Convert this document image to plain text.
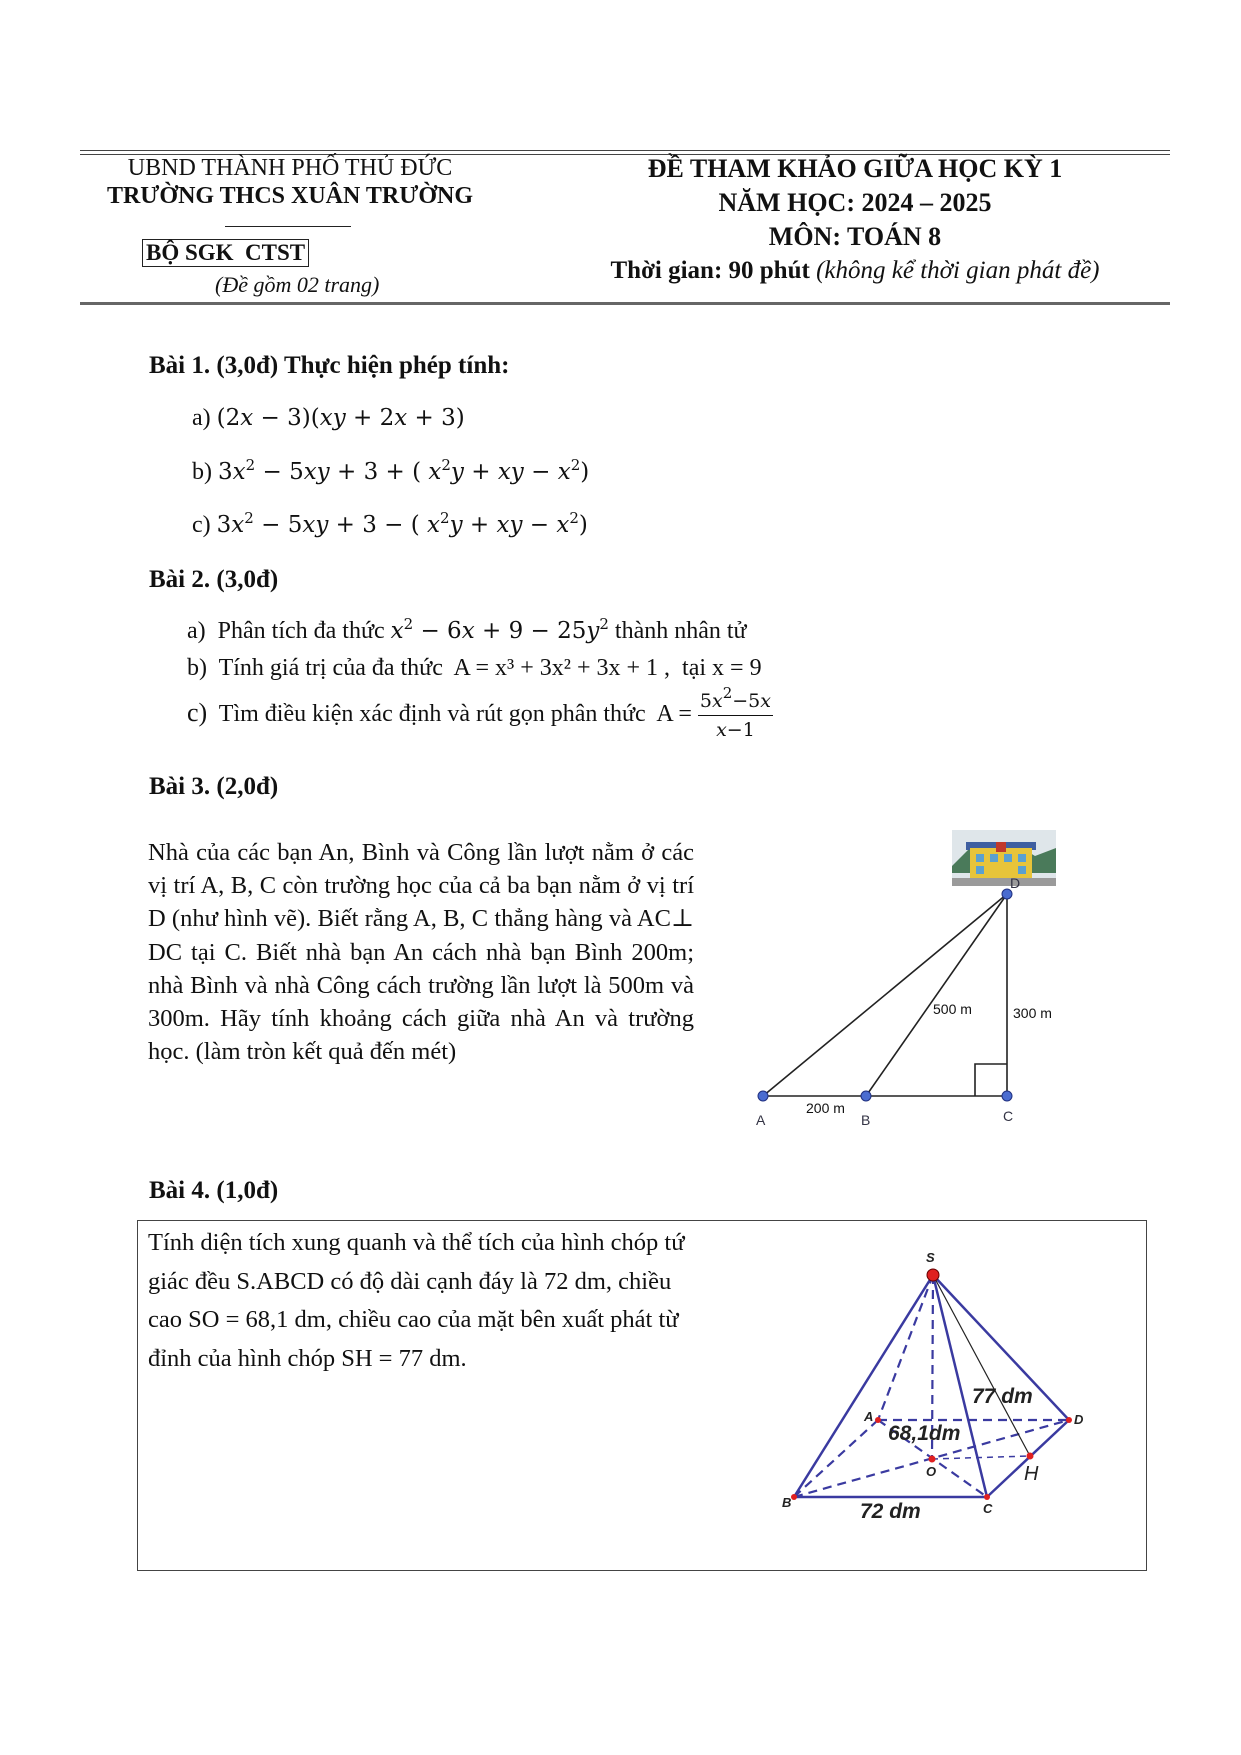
UBND THÀNH PHỐ THỦ ĐỨC
TRƯỜNG THCS XUÂN TRƯỜNG
BỘ SGK  CTST
(Đề gồm 02 trang)
ĐỀ THAM KHẢO GIỮA HỌC KỲ 1
NĂM HỌC: 2024 – 2025
MÔN: TOÁN 8
Thời gian: 90 phút (không kể thời gian phát đề)
Bài 1. (3,0đ) Thực hiện phép tính:
a) (2x − 3)(xy + 2x + 3)
b) $3x^2 - 5xy + 3$ + ( $x^2y$ + xy − $x^2$)
c) $3x^2 - 5xy + 3$ − ( $x^2y$ + xy − $x^2$)
Bài 2. (3,0đ)
a) Phân tích đa thức $x^2 - 6x + 9 - 25y^2$ thành nhân tử
b) Tính giá trị của đa thức  A = x³ + 3x² + 3x + 1 ,  tại x = 9
c) Tìm điều kiện xác định và rút gọn phân thức  $A = \frac{5x^2-5x}{x-1}$
Bài 3. (2,0đ)
Nhà của các bạn An, Bình và Công lần lượt nằm ở các vị trí A, B, C còn trường học của cả ba bạn nằm ở vị trí D (như hình vẽ). Biết rằng A, B, C thẳng hàng và AC⊥ DC tại C. Biết nhà bạn An cách nhà bạn Bình 200m; nhà Bình và nhà Công cách trường lần lượt là 500m và 300m. Hãy tính khoảng cách giữa nhà An và trường học. (làm tròn kết quả đến mét)
A	B	C
D
200 m
500 m	300 m
Bài 4. (1,0đ)
Tính diện tích xung quanh và thể tích của hình chóp tứ giác đều S.ABCD có độ dài cạnh đáy là 72 dm, chiều cao SO = 68,1 dm, chiều cao của mặt bên xuất phát từ đỉnh của hình chóp SH = 77 dm.
S
A	D
B	C
O	H
77 dm
68,1dm
72 dm
